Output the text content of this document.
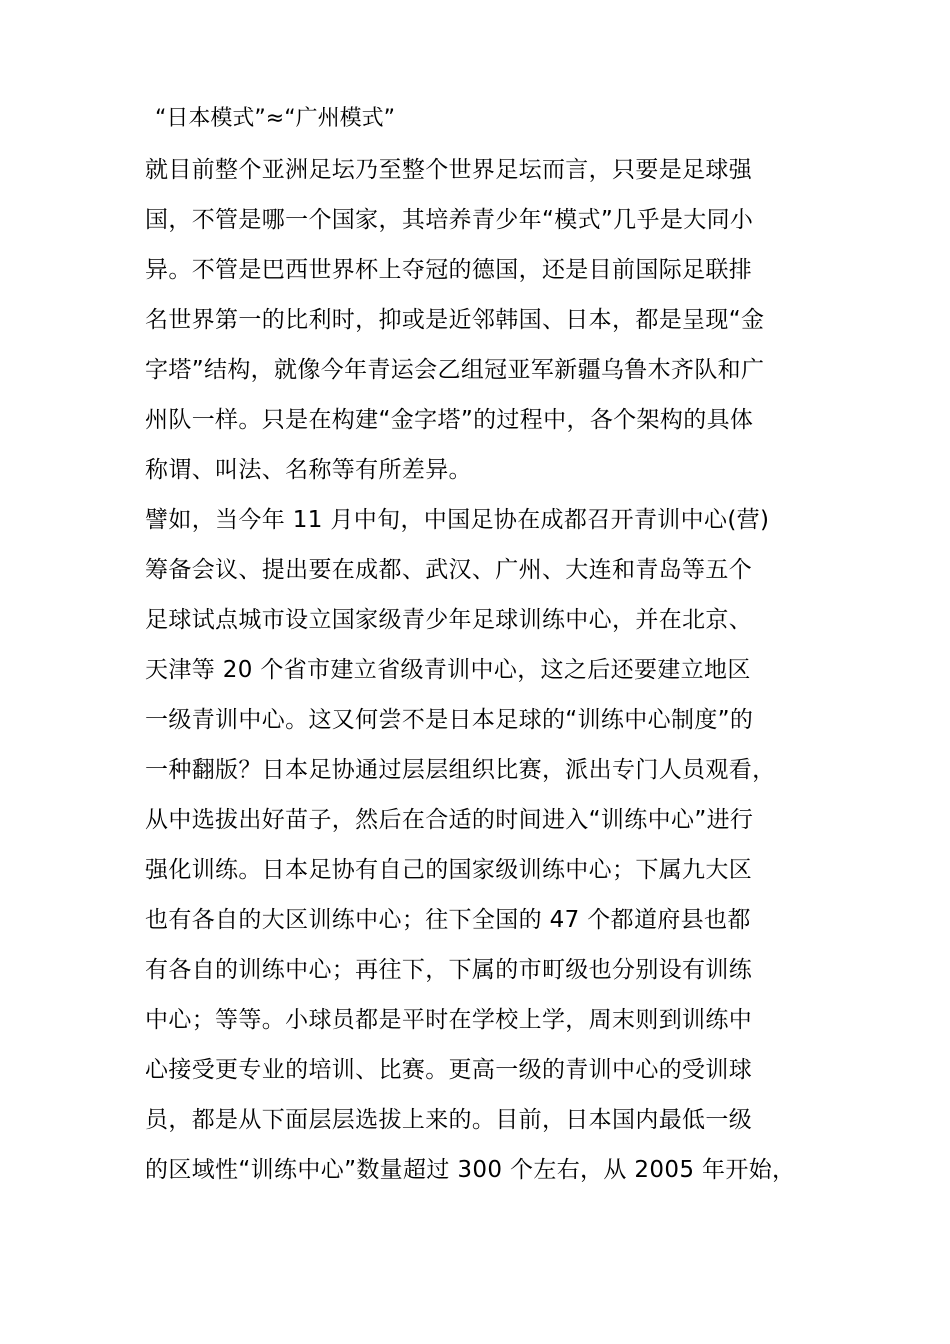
“日本模式”≈“广州模式”
就目前整个亚洲足坛乃至整个世界足坛而言，只要是足球强
国，不管是哪一个国家，其培养青少年“模式”几乎是大同小
异。不管是巴西世界杯上夺冠的德国，还是目前国际足联排
名世界第一的比利时，抑或是近邻韩国、日本，都是呈现“金
字塔”结构，就像今年青运会乙组冠亚军新疆乌鲁木齐队和广
州队一样。只是在构建“金字塔”的过程中，各个架构的具体
称谓、叫法、名称等有所差异。
譬如，当今年 11 月中旬，中国足协在成都召开青训中心(营)
筹备会议、提出要在成都、武汉、广州、大连和青岛等五个
足球试点城市设立国家级青少年足球训练中心，并在北京、
天津等 20 个省市建立省级青训中心，这之后还要建立地区
一级青训中心。这又何尝不是日本足球的“训练中心制度”的
一种翻版？日本足协通过层层组织比赛，派出专门人员观看，
从中选拔出好苗子，然后在合适的时间进入“训练中心”进行
强化训练。日本足协有自己的国家级训练中心；下属九大区
也有各自的大区训练中心；往下全国的 47 个都道府县也都
有各自的训练中心；再往下，下属的市町级也分别设有训练
中心；等等。小球员都是平时在学校上学，周末则到训练中
心接受更专业的培训、比赛。更高一级的青训中心的受训球
员，都是从下面层层选拔上来的。目前，日本国内最低一级
的区域性“训练中心”数量超过 300 个左右，从 2005 年开始，
